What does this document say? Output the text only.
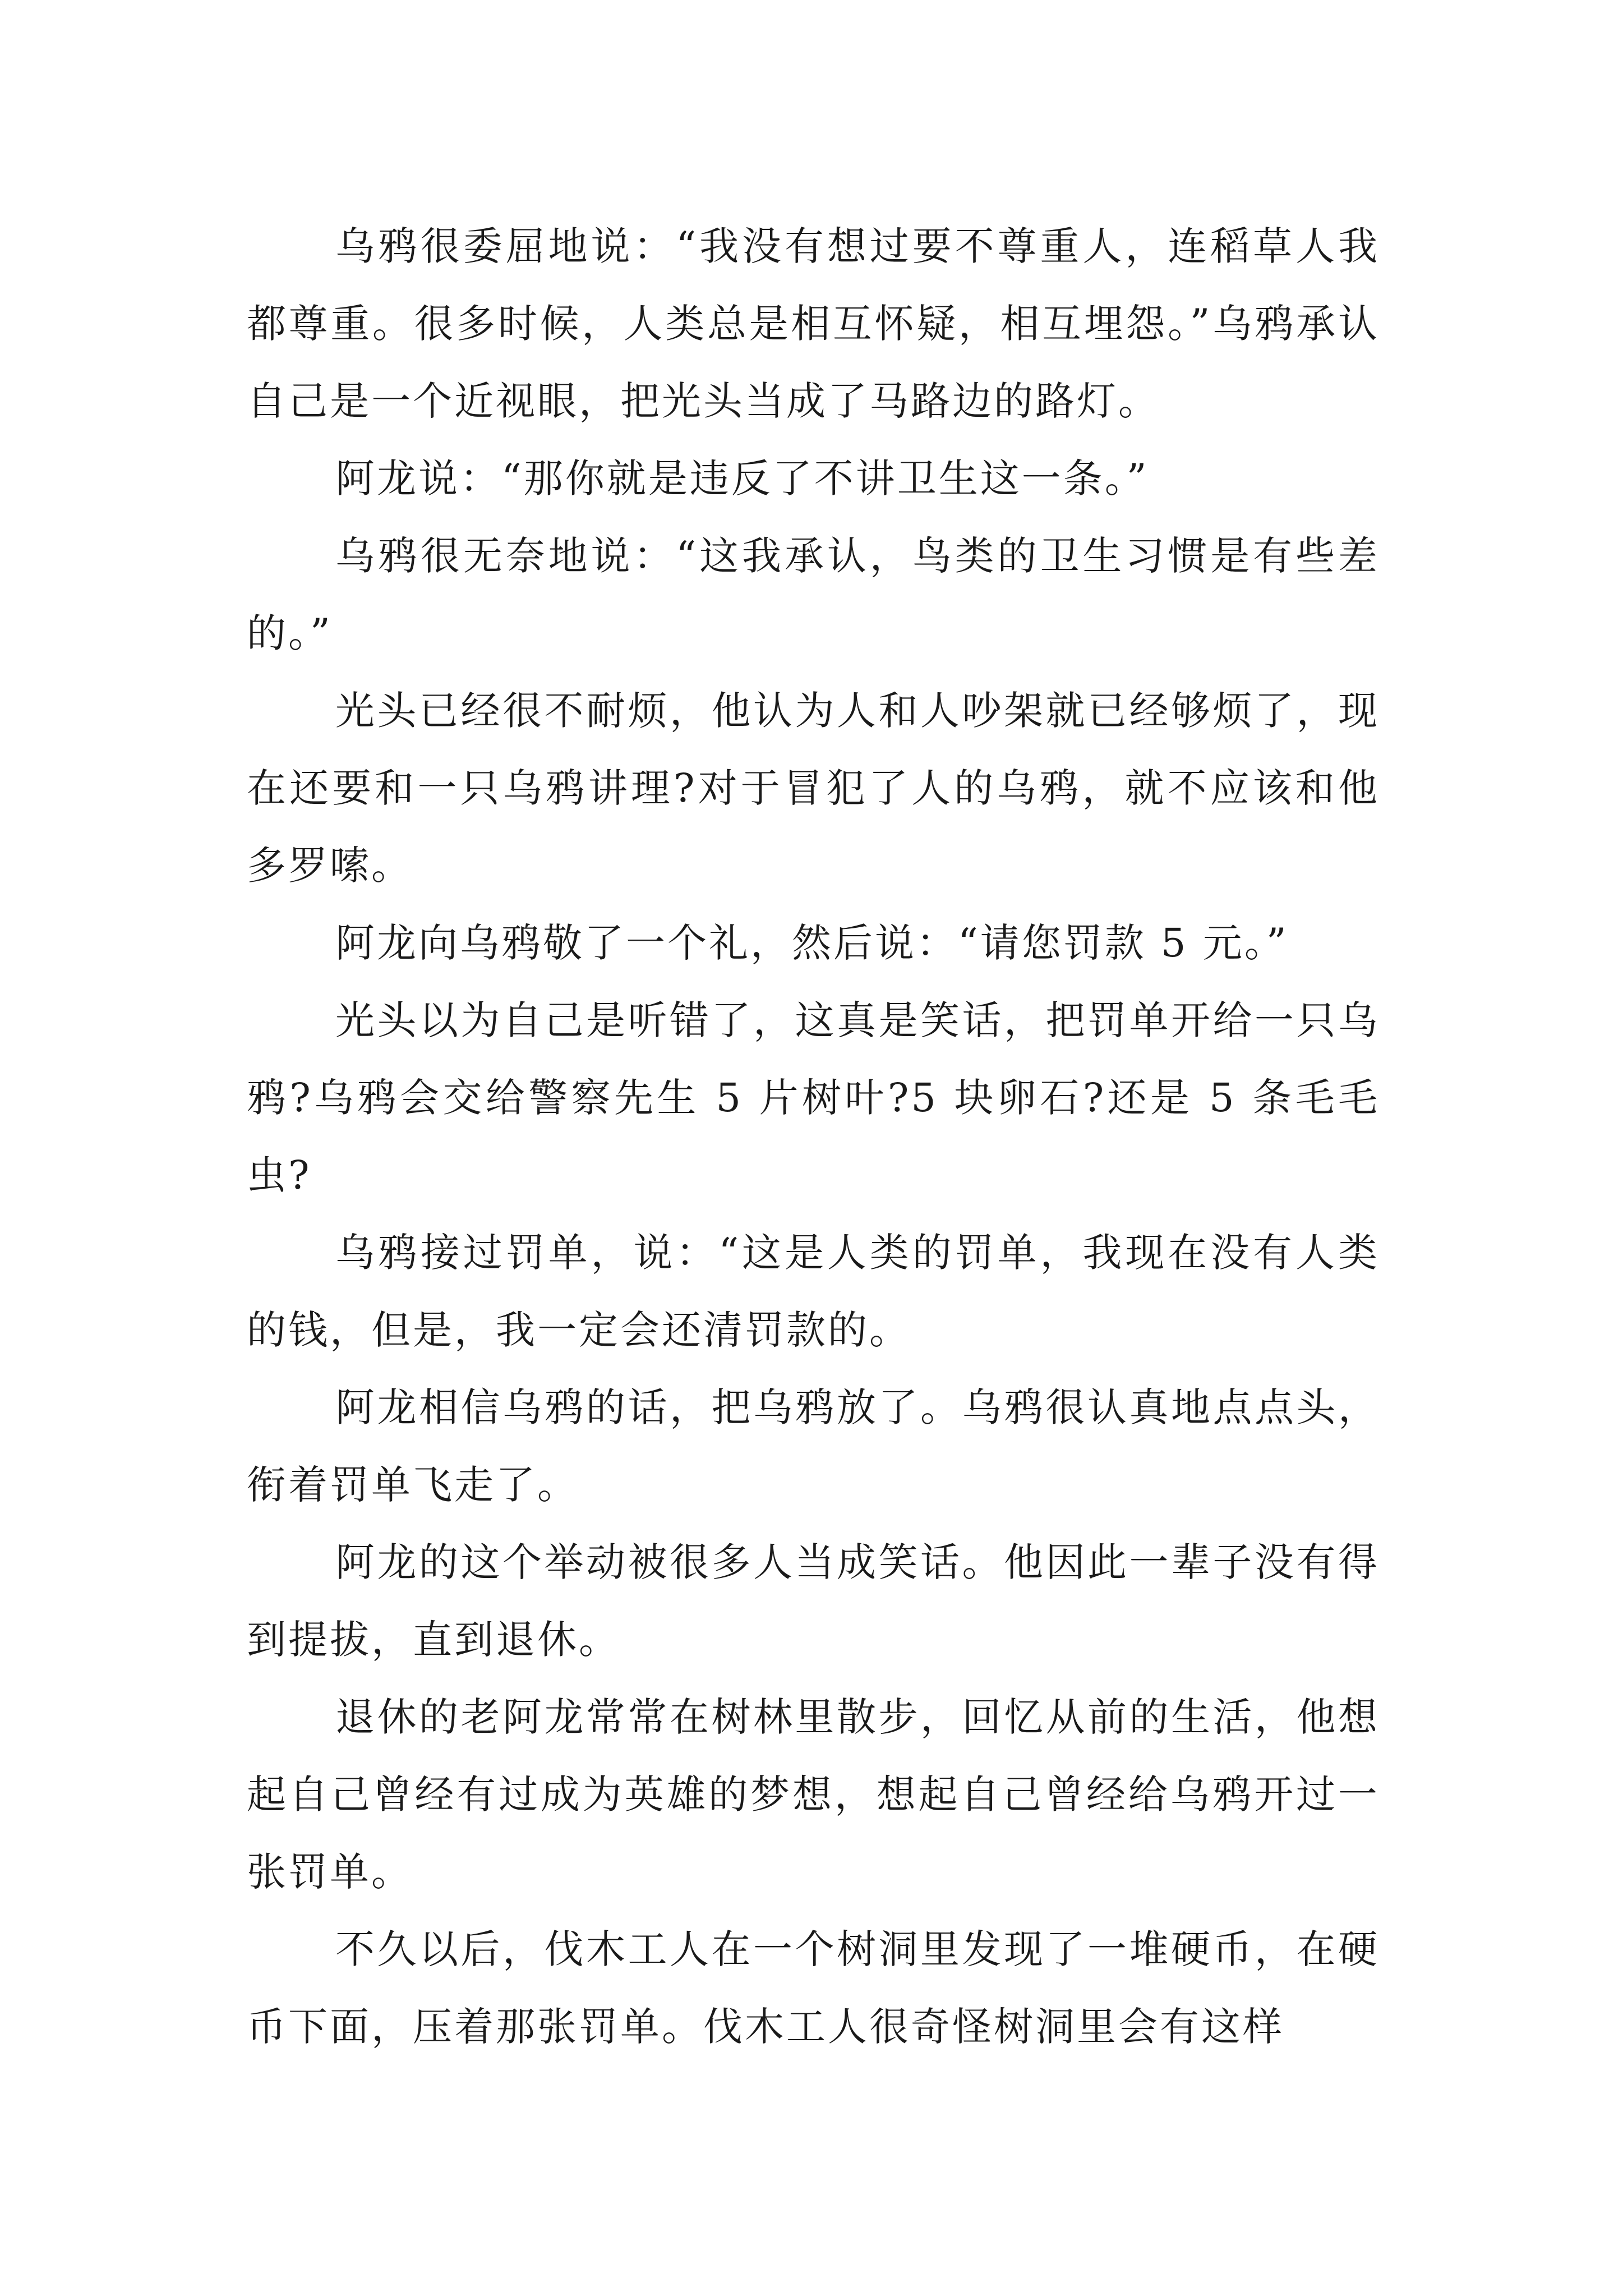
乌鸦很委屈地说：“我没有想过要不尊重人，连稻草人我都尊重。很多时候，人类总是相互怀疑，相互埋怨。”乌鸦承认自己是一个近视眼，把光头当成了马路边的路灯。

阿龙说：“那你就是违反了不讲卫生这一条。”

乌鸦很无奈地说：“这我承认，鸟类的卫生习惯是有些差的。”

光头已经很不耐烦，他认为人和人吵架就已经够烦了，现在还要和一只乌鸦讲理?对于冒犯了人的乌鸦，就不应该和他多罗嗦。

阿龙向乌鸦敬了一个礼，然后说：“请您罚款 5 元。”

光头以为自己是听错了，这真是笑话，把罚单开给一只乌鸦?乌鸦会交给警察先生 5 片树叶?5 块卵石?还是 5 条毛毛虫?

乌鸦接过罚单，说：“这是人类的罚单，我现在没有人类的钱，但是，我一定会还清罚款的。

阿龙相信乌鸦的话，把乌鸦放了。乌鸦很认真地点点头，衔着罚单飞走了。

阿龙的这个举动被很多人当成笑话。他因此一辈子没有得到提拔，直到退休。

退休的老阿龙常常在树林里散步，回忆从前的生活，他想起自己曾经有过成为英雄的梦想，想起自己曾经给乌鸦开过一张罚单。

不久以后，伐木工人在一个树洞里发现了一堆硬币，在硬币下面，压着那张罚单。伐木工人很奇怪树洞里会有这样
